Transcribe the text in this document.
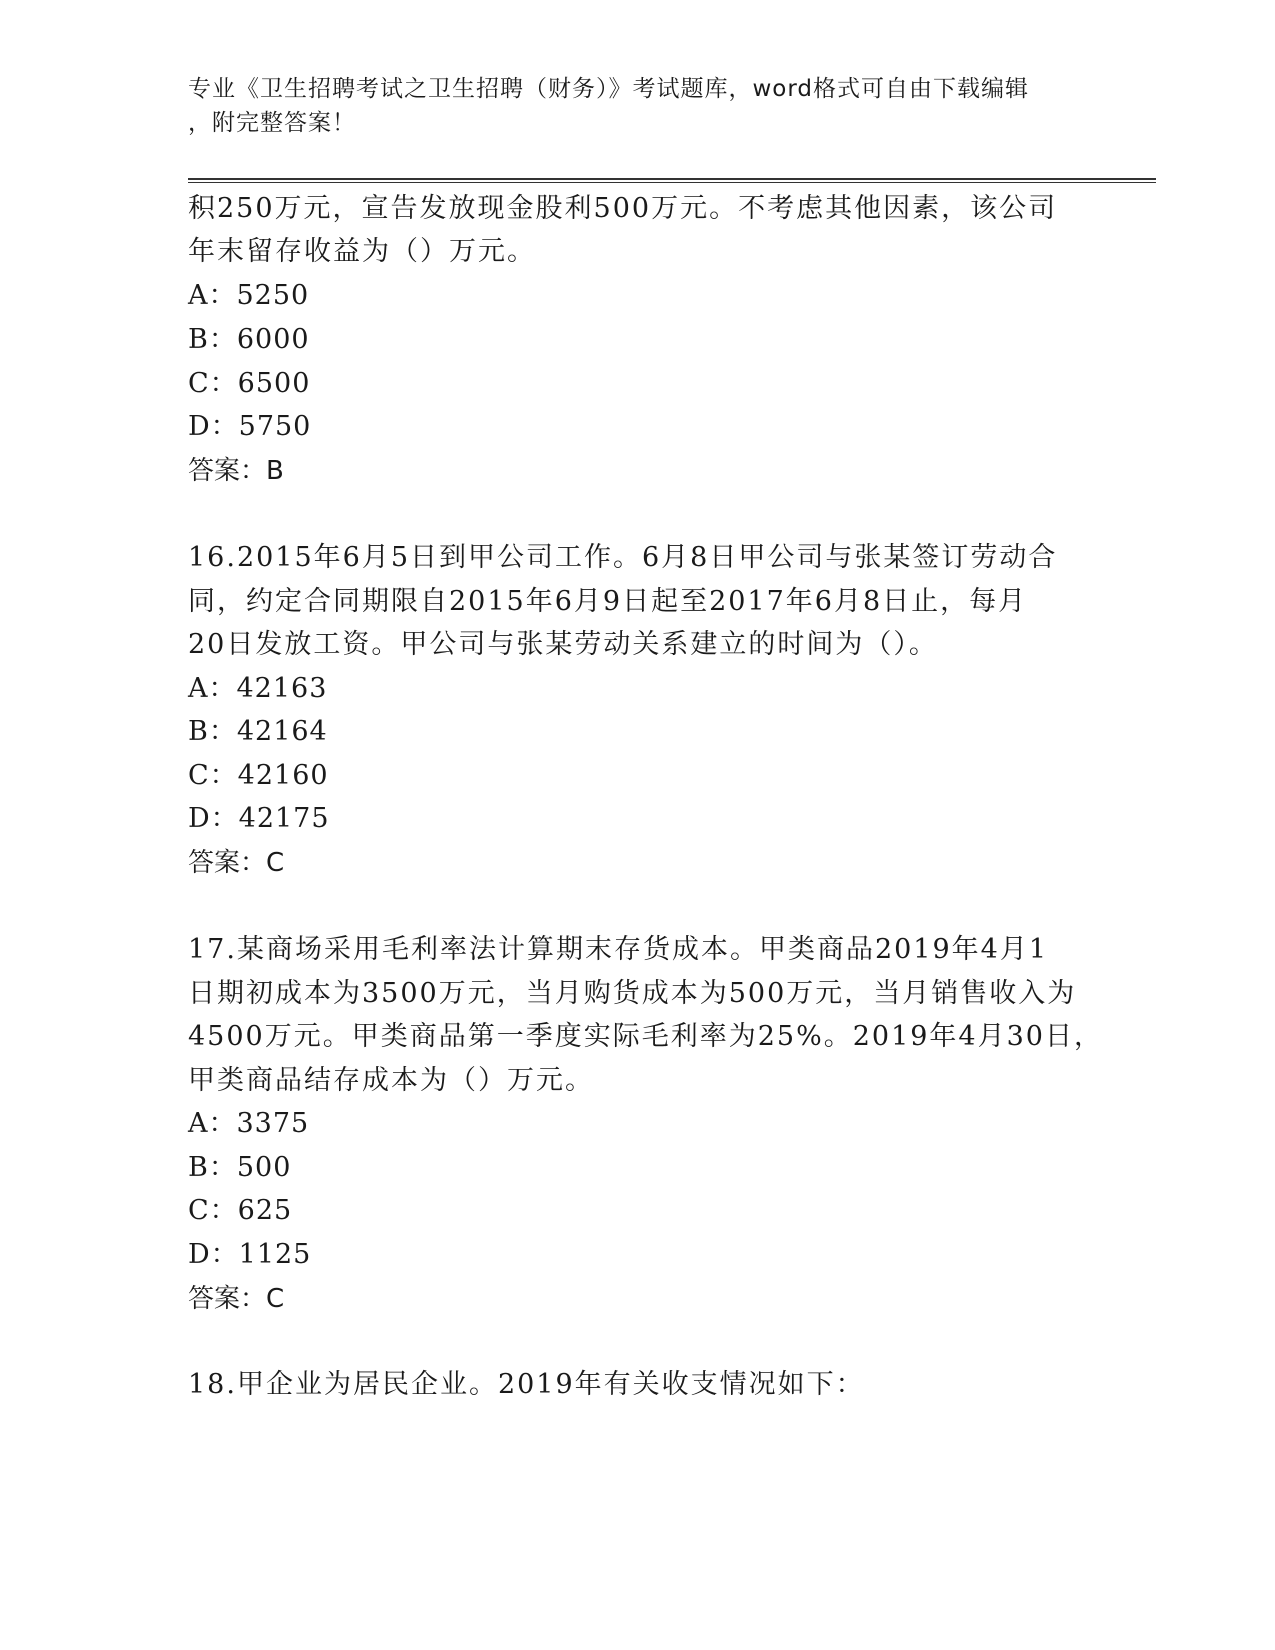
专业《卫生招聘考试之卫生招聘（财务）》考试题库，word格式可自由下载编辑
，附完整答案！
积250万元，宣告发放现金股利500万元。不考虑其他因素，该公司
年末留存收益为（）万元。
A：5250
B：6000
C：6500
D：5750
答案：B
16.2015年6月5日到甲公司工作。6月8日甲公司与张某签订劳动合
同，约定合同期限自2015年6月9日起至2017年6月8日止，每月
20日发放工资。甲公司与张某劳动关系建立的时间为（）。
A：42163
B：42164
C：42160
D：42175
答案：C
17.某商场采用毛利率法计算期末存货成本。甲类商品2019年4月1
日期初成本为3500万元，当月购货成本为500万元，当月销售收入为
4500万元。甲类商品第一季度实际毛利率为25%。2019年4月30日，
甲类商品结存成本为（）万元。
A：3375
B：500
C：625
D：1125
答案：C
18.甲企业为居民企业。2019年有关收支情况如下：
